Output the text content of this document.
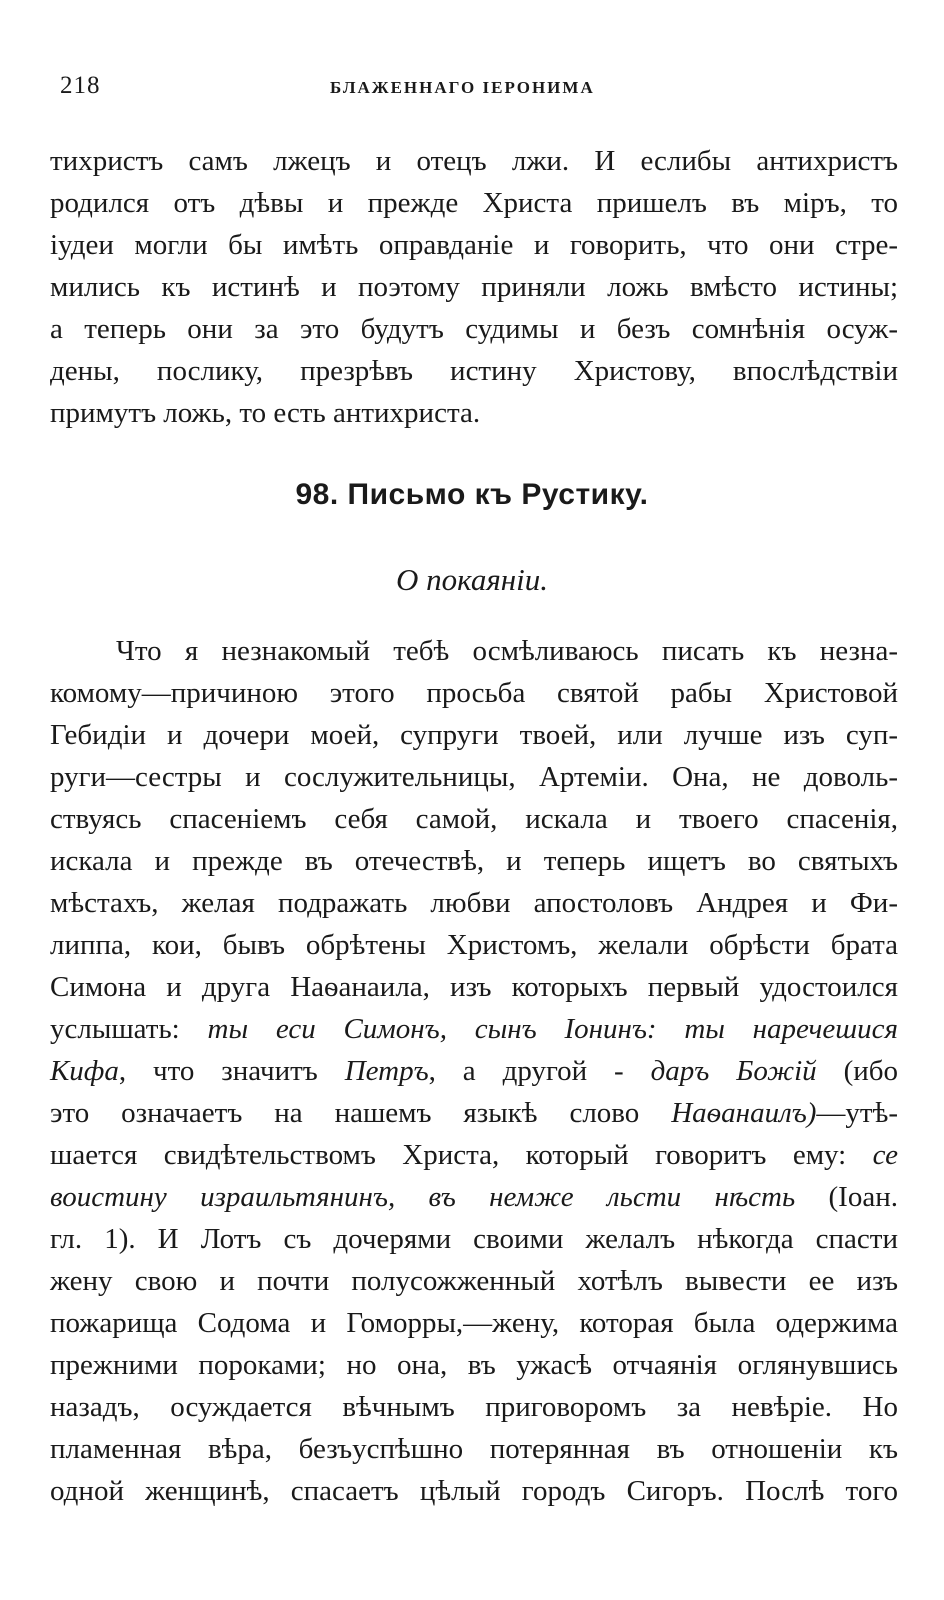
218	БЛАЖЕННАГО ІЕРОНИМА
тихристъ самъ лжецъ и отецъ лжи. И еслибы антихристъ
родился отъ дѣвы и прежде Христа пришелъ въ міръ, то
іудеи могли бы имѣть оправданіе и говорить, что они стре-
мились къ истинѣ и поэтому приняли ложь вмѣсто истины;
а теперь они за это будутъ судимы и безъ сомнѣнія осуж-
дены, послику, презрѣвъ истину Христову, впослѣдствіи
примутъ ложь, то есть антихриста.
98. Письмо къ Рустику.
О покаяніи.
Что я незнакомый тебѣ осмѣливаюсь писать къ незна-
комому—причиною этого просьба святой рабы Христовой
Гебидіи и дочери моей, супруги твоей, или лучше изъ суп-
руги—сестры и сослужительницы, Артеміи. Она, не доволь-
ствуясь спасеніемъ себя самой, искала и твоего спасенія,
искала и прежде въ отечествѣ, и теперь ищетъ во святыхъ
мѣстахъ, желая подражать любви апостоловъ Андрея и Фи-
липпа, кои, бывъ обрѣтены Христомъ, желали обрѣсти брата
Симона и друга Наѳанаила, изъ которыхъ первый удостоился
услышать: ты еси Симонъ, сынъ Іонинъ: ты наречешися
Кифа, что значитъ Петръ, а другой - даръ Божій (ибо
это означаетъ на нашемъ языкѣ слово Наѳанаилъ)—утѣ-
шается свидѣтельствомъ Христа, который говоритъ ему: се
воистину израильтянинъ, въ немже льсти нѣсть (Іоан.
гл. 1). И Лотъ съ дочерями своими желалъ нѣкогда спасти
жену свою и почти полусожженный хотѣлъ вывести ее изъ
пожарища Содома и Гоморры,—жену, которая была одержима
прежними пороками; но она, въ ужасѣ отчаянія оглянувшись
назадъ, осуждается вѣчнымъ приговоромъ за невѣріе. Но
пламенная вѣра, безъуспѣшно потерянная въ отношеніи къ
одной женщинѣ, спасаетъ цѣлый городъ Сигоръ. Послѣ того
